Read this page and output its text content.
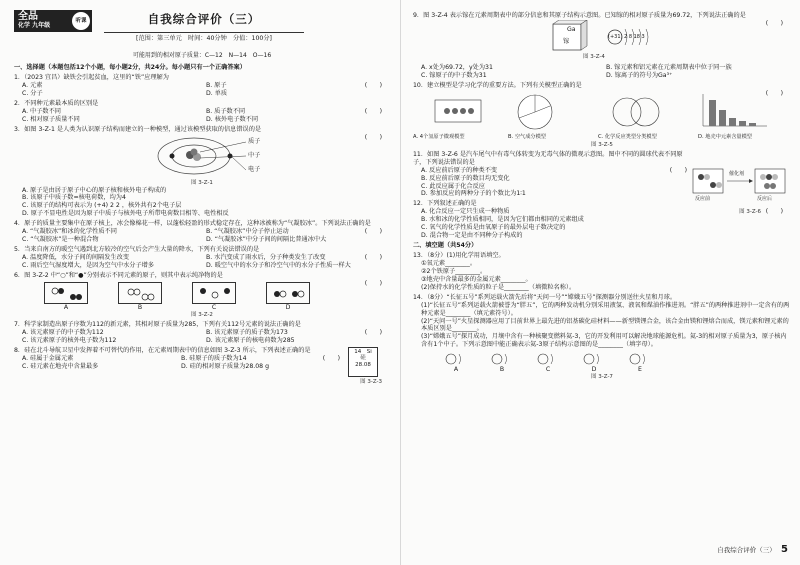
全品
化学 九年级
听课	自我综合评价（三）
[范围：第三单元　时间：40分钟　分值：100分]
可能用到的相对原子质量：C—12　N—14　O—16
一、选择题（本题包括12个小题，每小题2分，共24分。每小题只有一个正确答案）
1．（2023 宜昌）缺铁会引起贫血，这里的“铁”应理解为
(　　)
A. 元素	B. 原子
C. 分子	D. 单质
2．不同种元素最本质的区别是
(　　)
A. 中子数不同	B. 质子数不同
C. 相对原子质量不同	D. 核外电子数不同
3．如图 3-Z-1 是人类为认识原子结构而建立的一种模型，通过该模型获取的信息错误的是
(　　)
质子
中子
电子
图 3-Z-1
A. 原子是由居于原子中心的原子核和核外电子构成的
B. 该原子中质子数=核电荷数，均为4
C. 该原子的结构可表示为 (+4) 2 2 ，核外共有2个电子层
D. 原子不显电性是因为原子中质子与核外电子所带电荷数目相等、电性相反
4．原子的质量主要集中在原子核上，冰会像棉花一样，以蓬松轻盈的形式稳定存在，这种冰被称为“气凝胶冰”。下列说法正确的是
(　　)
A. “气凝胶冰”和冰的化学性质不同	B. “气凝胶冰”中分子停止运动
C. “气凝胶冰”是一种混合物	D. “气凝胶冰”中分子间的间隔比普通冰中大
5．当来自南方的暖空气遇到北方较冷的空气后会产生大量的降水，下列有关说法错误的是
(　　)
A. 温度降低，水分子间的间隔发生改变	B. 水汽变成了雨水后，分子种类发生了改变
C. 雨后空气湿度增大，是因为空气中水分子增多	D. 暖空气中的水分子和冷空气中的水分子性质一样大
6．图 3-Z-2 中“○”和“●”分别表示不同元素的原子，则其中表示纯净物的是
(　　)
A	B	C	D
图 3-Z-2
7．科学家制造出原子序数为112的新元素，其相对原子质量为285，下列有关112号元素的说法正确的是
(　　)
A. 该元素原子的中子数为112	B. 该元素原子的质子数为173
C. 该元素原子的核外电子数为112	D. 该元素原子的核电荷数为285
8．硅在北斗导航卫星中发挥着不可替代的作用，在元素周期表中的信息如图 3-Z-3 所示，下列表述正确的是
(　　)
A. 硅属于金属元素	B. 硅原子的质子数为14
C. 硅元素在地壳中含量最多	D. 硅的相对原子质量为28.08 g
14　 Si
硅
28.08
图 3-Z-3
9．图 3-Z-4 表示镓在元素周期表中的部分信息和其原子结构示意图。已知镓的相对原子质量为69.72，下列说法正确的是
(　　)
Ga
镓
(+31) 2 8 18 3
图 3-Z-4
A. x处为69.72，y处为31	B. 镓元素和铝元素在元素周期表中位于同一族
C. 镓原子的中子数为31	D. 镓离子的符号为Ga³⁺
10．建立模型是学习化学的重要方法。下列有关模型正确的是
(　　)
A. 4个氢原子微观模型	B. 空气成分模型	C. 化学反应类型分类模型	D. 地壳中元素含量模型
图 3-Z-5
11．如图 3-Z-6 是汽车尾气中有毒气体转变为无毒气体的微观示意图。图中不同的圆球代表不同原子，下列说法错误的是
(　　)
A. 反应前后原子的种类不变
B. 反应前后原子的数目均无变化
C. 此反应属于化合反应
D. 参加反应的两种分子的个数比为1∶1
催化剂
反应前	反应后
图 3-Z-6
12．下列叙述正确的是
(　　)
A. 化合反应一定只生成一种物质
B. 水和冰的化学性质相同，是因为它们都由相同的元素组成
C. 氧气的化学性质是由氧原子的最外层电子数决定的
D. 混合物一定是由不同种分子构成的
二、填空题（共54分）
13．（8分）(1)用化学用语填空。
①氧元素________。
②2个铁原子________。
③地壳中含量最多的金属元素________。
(2)保持水的化学性质的粒子是________（填微粒名称）。
14．（8分）“长征五号”系列运载火箭先后将“天问一号”“嫦娥五号”探测器分别送往火星和月球。
(1)“长征五号”系列运载火箭被誉为“胖五”，它的两种发动机分别采用液氢、液氧和煤油作推进剂。“胖五”的两种推进剂中一定含有的两种元素是________（填元素符号）。
(2)“天问一号”火星探测器应用了目前世界上最先进的铝基碳化硅材料——新型镁锂合金，该合金由镁和锂熔合而成，镁元素和锂元素的本质区别是________。
(3)“嫦娥五号”探月成功，月壤中含有一种核聚变燃料氦-3，它的开发利用可以解决地球能源危机。氦-3的相对原子质量为3，原子核内含有1个中子。下列示意图中能正确表示氦-3原子结构示意图的是________（填字母）。
A	B	C	D	E
图 3-Z-7
自我综合评价（三）　 5
